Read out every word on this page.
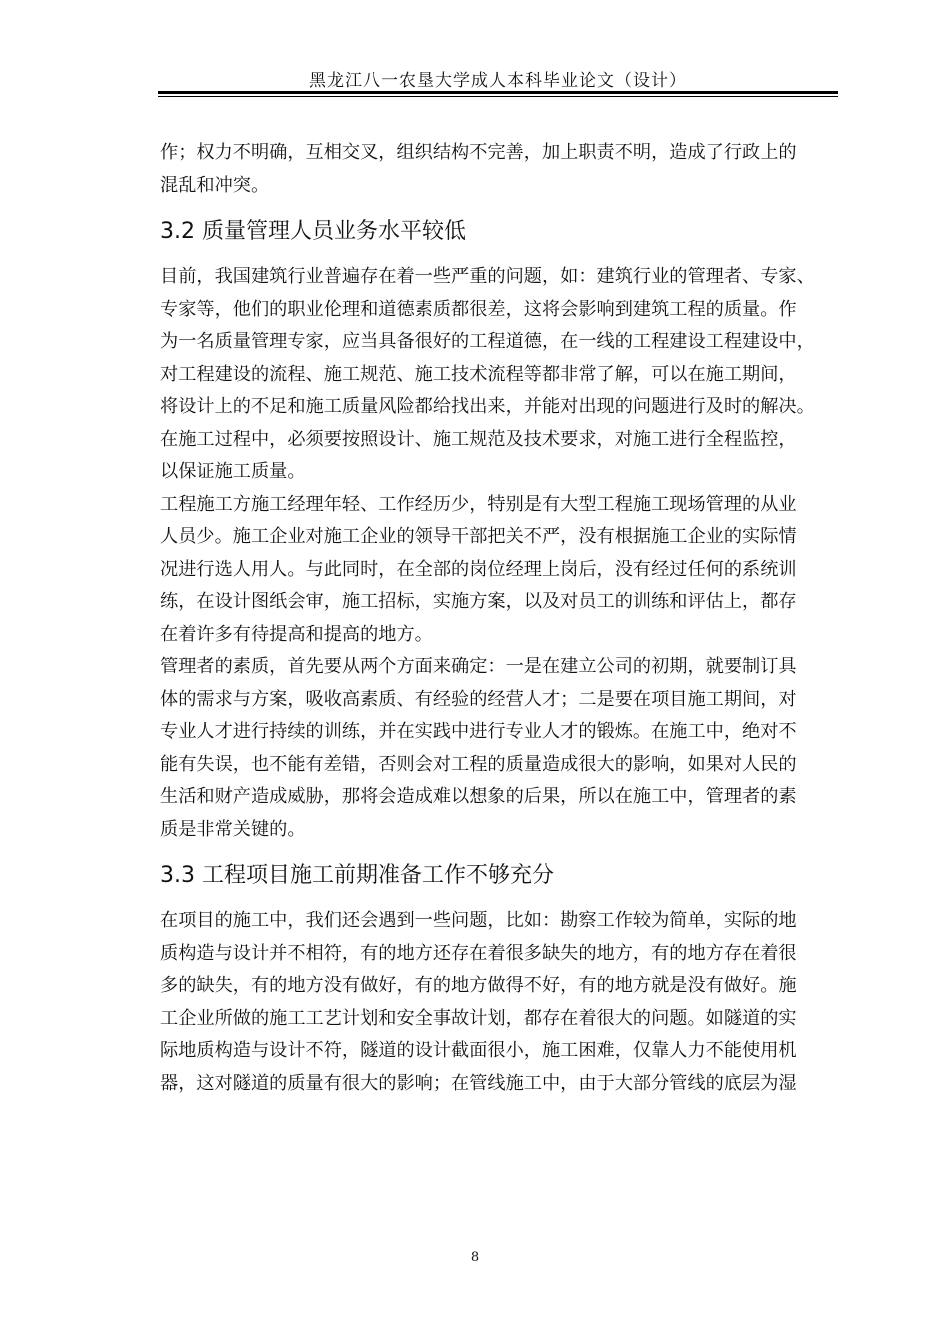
黑龙江八一农垦大学成人本科毕业论文（设计）

作；权力不明确，互相交叉，组织结构不完善，加上职责不明，造成了行政上的
混乱和冲突。

3.2 质量管理人员业务水平较低

目前，我国建筑行业普遍存在着一些严重的问题，如：建筑行业的管理者、专家、
专家等，他们的职业伦理和道德素质都很差，这将会影响到建筑工程的质量。作
为一名质量管理专家，应当具备很好的工程道德，在一线的工程建设工程建设中，
对工程建设的流程、施工规范、施工技术流程等都非常了解，可以在施工期间，
将设计上的不足和施工质量风险都给找出来，并能对出现的问题进行及时的解决。
在施工过程中，必须要按照设计、施工规范及技术要求，对施工进行全程监控，
以保证施工质量。

工程施工方施工经理年轻、工作经历少，特别是有大型工程施工现场管理的从业
人员少。施工企业对施工企业的领导干部把关不严，没有根据施工企业的实际情
况进行选人用人。与此同时，在全部的岗位经理上岗后，没有经过任何的系统训
练，在设计图纸会审，施工招标，实施方案，以及对员工的训练和评估上，都存
在着许多有待提高和提高的地方。

管理者的素质，首先要从两个方面来确定：一是在建立公司的初期，就要制订具
体的需求与方案，吸收高素质、有经验的经营人才；二是要在项目施工期间，对
专业人才进行持续的训练，并在实践中进行专业人才的锻炼。在施工中，绝对不
能有失误，也不能有差错，否则会对工程的质量造成很大的影响，如果对人民的
生活和财产造成威胁，那将会造成难以想象的后果，所以在施工中，管理者的素
质是非常关键的。

3.3 工程项目施工前期准备工作不够充分

在项目的施工中，我们还会遇到一些问题，比如：勘察工作较为简单，实际的地
质构造与设计并不相符，有的地方还存在着很多缺失的地方，有的地方存在着很
多的缺失，有的地方没有做好，有的地方做得不好，有的地方就是没有做好。施
工企业所做的施工工艺计划和安全事故计划，都存在着很大的问题。如隧道的实
际地质构造与设计不符，隧道的设计截面很小，施工困难，仅靠人力不能使用机
器，这对隧道的质量有很大的影响；在管线施工中，由于大部分管线的底层为湿

8
